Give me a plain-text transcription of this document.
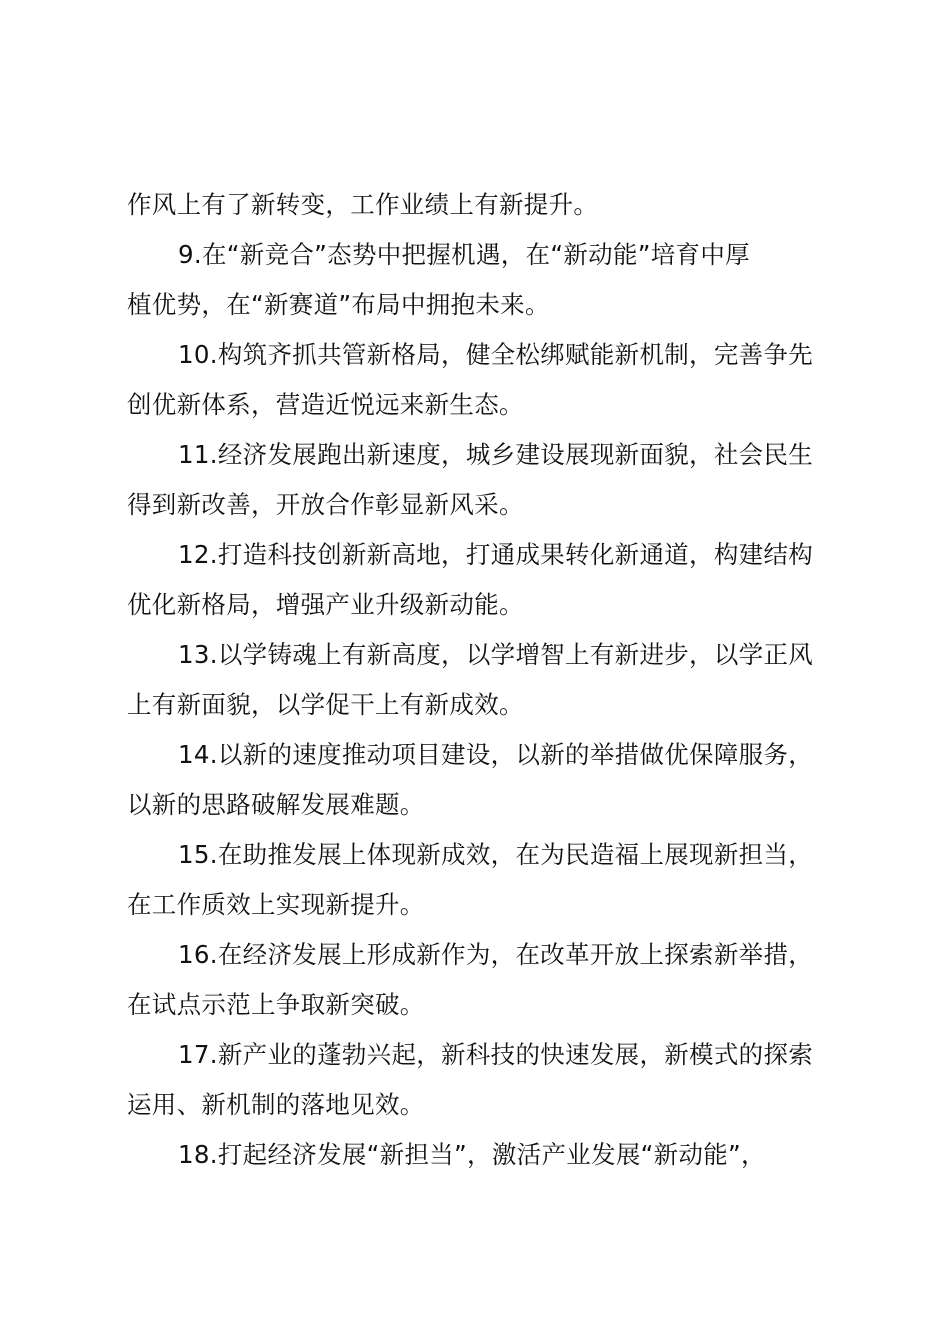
作风上有了新转变，工作业绩上有新提升。
9.在“新竞合”态势中把握机遇，在“新动能”培育中厚
植优势，在“新赛道”布局中拥抱未来。
10.构筑齐抓共管新格局，健全松绑赋能新机制，完善争先
创优新体系，营造近悦远来新生态。
11.经济发展跑出新速度，城乡建设展现新面貌，社会民生
得到新改善，开放合作彰显新风采。
12.打造科技创新新高地，打通成果转化新通道，构建结构
优化新格局，增强产业升级新动能。
13.以学铸魂上有新高度，以学增智上有新进步，以学正风
上有新面貌，以学促干上有新成效。
14.以新的速度推动项目建设，以新的举措做优保障服务，
以新的思路破解发展难题。
15.在助推发展上体现新成效，在为民造福上展现新担当，
在工作质效上实现新提升。
16.在经济发展上形成新作为，在改革开放上探索新举措，
在试点示范上争取新突破。
17.新产业的蓬勃兴起，新科技的快速发展，新模式的探索
运用、新机制的落地见效。
18.打起经济发展“新担当”，激活产业发展“新动能”，
